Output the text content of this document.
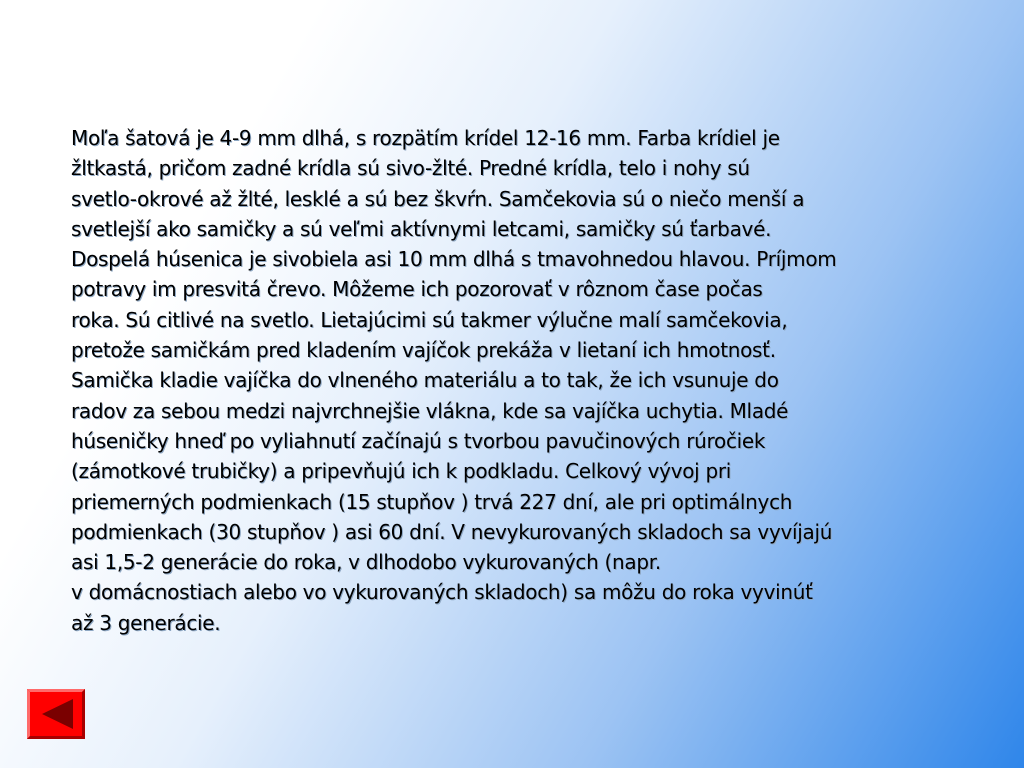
Moľa šatová je 4-9 mm dlhá, s rozpätím krídel 12-16 mm. Farba krídiel je
žltkastá, pričom zadné krídla sú sivo-žlté. Predné krídla, telo i nohy sú
svetlo-okrové až žlté, lesklé a sú bez škvŕn. Samčekovia sú o niečo menší a
svetlejší ako samičky a sú veľmi aktívnymi letcami, samičky sú ťarbavé.
Dospelá húsenica je sivobiela asi 10 mm dlhá s tmavohnedou hlavou. Príjmom
potravy im presvitá črevo. Môžeme ich pozorovať v rôznom čase počas
roka. Sú citlivé na svetlo. Lietajúcimi sú takmer výlučne malí samčekovia,
pretože samičkám pred kladením vajíčok prekáža v lietaní ich hmotnosť.
Samička kladie vajíčka do vlneného materiálu a to tak, že ich vsunuje do
radov za sebou medzi najvrchnejšie vlákna, kde sa vajíčka uchytia. Mladé
húseničky hneď po vyliahnutí začínajú s tvorbou pavučinových rúročiek
(zámotkové trubičky) a pripevňujú ich k podkladu. Celkový vývoj pri
priemerných podmienkach (15 stupňov ) trvá 227 dní, ale pri optimálnych
podmienkach (30 stupňov ) asi 60 dní. V nevykurovaných skladoch sa vyvíjajú
asi 1,5-2 generácie do roka, v dlhodobo vykurovaných (napr.
v domácnostiach alebo vo vykurovaných skladoch) sa môžu do roka vyvinúť
až 3 generácie.
